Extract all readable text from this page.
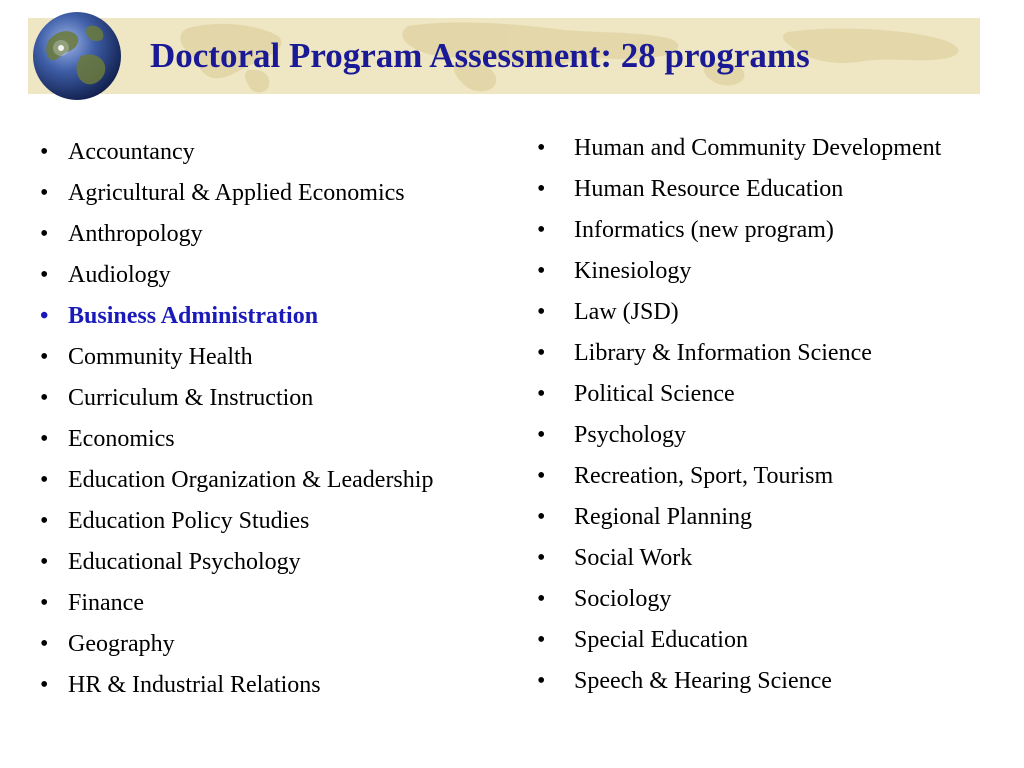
Doctoral Program Assessment: 28 programs
• Accountancy
• Agricultural & Applied Economics
• Anthropology
• Audiology
• Business Administration
• Community Health
• Curriculum & Instruction
• Economics
• Education Organization & Leadership
• Education Policy Studies
• Educational Psychology
• Finance
• Geography
• HR & Industrial Relations
• Human and Community Development
• Human Resource Education
• Informatics (new program)
• Kinesiology
• Law (JSD)
• Library & Information Science
• Political Science
• Psychology
• Recreation, Sport, Tourism
• Regional Planning
• Social Work
• Sociology
• Special Education
• Speech & Hearing Science
